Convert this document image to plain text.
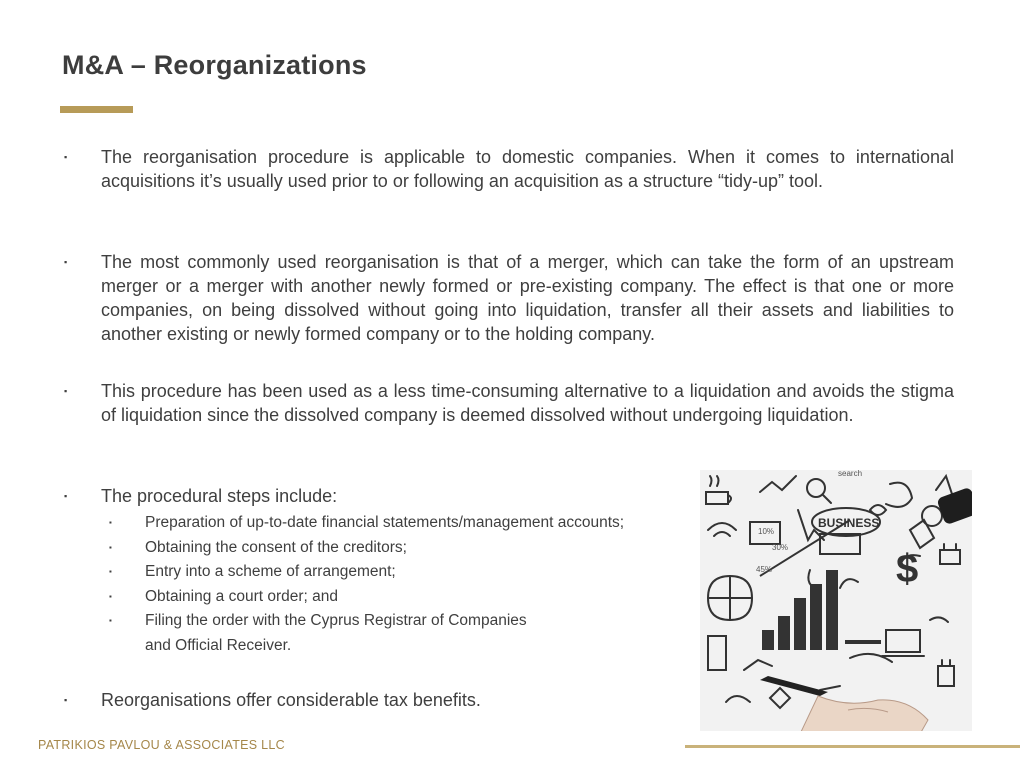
M&A – Reorganizations
▪ The reorganisation procedure is applicable to domestic companies. When it comes to international acquisitions it’s usually used prior to or following an acquisition as a structure “tidy-up” tool.
▪ The most commonly used reorganisation is that of a merger, which can take the form of an upstream merger or a merger with another newly formed or pre-existing company. The effect is that one or more companies, on being dissolved without going into liquidation, transfer all their assets and liabilities to another existing or newly formed company or to the holding company.
▪ This procedure has been used as a less time-consuming alternative to a liquidation and avoids the stigma of liquidation since the dissolved company is deemed dissolved without undergoing liquidation.
▪ The procedural steps include:
▪ Preparation of up-to-date financial statements/management accounts;
▪ Obtaining the consent of the creditors;
▪ Entry into a scheme of arrangement;
▪ Obtaining a court order; and
▪ Filing the order with the Cyprus Registrar of Companies
and Official Receiver.
▪ Reorganisations offer considerable tax benefits.
BUSINESS
search
10%
30%
45%	$
PATRIKIOS PAVLOU & ASSOCIATES LLC
